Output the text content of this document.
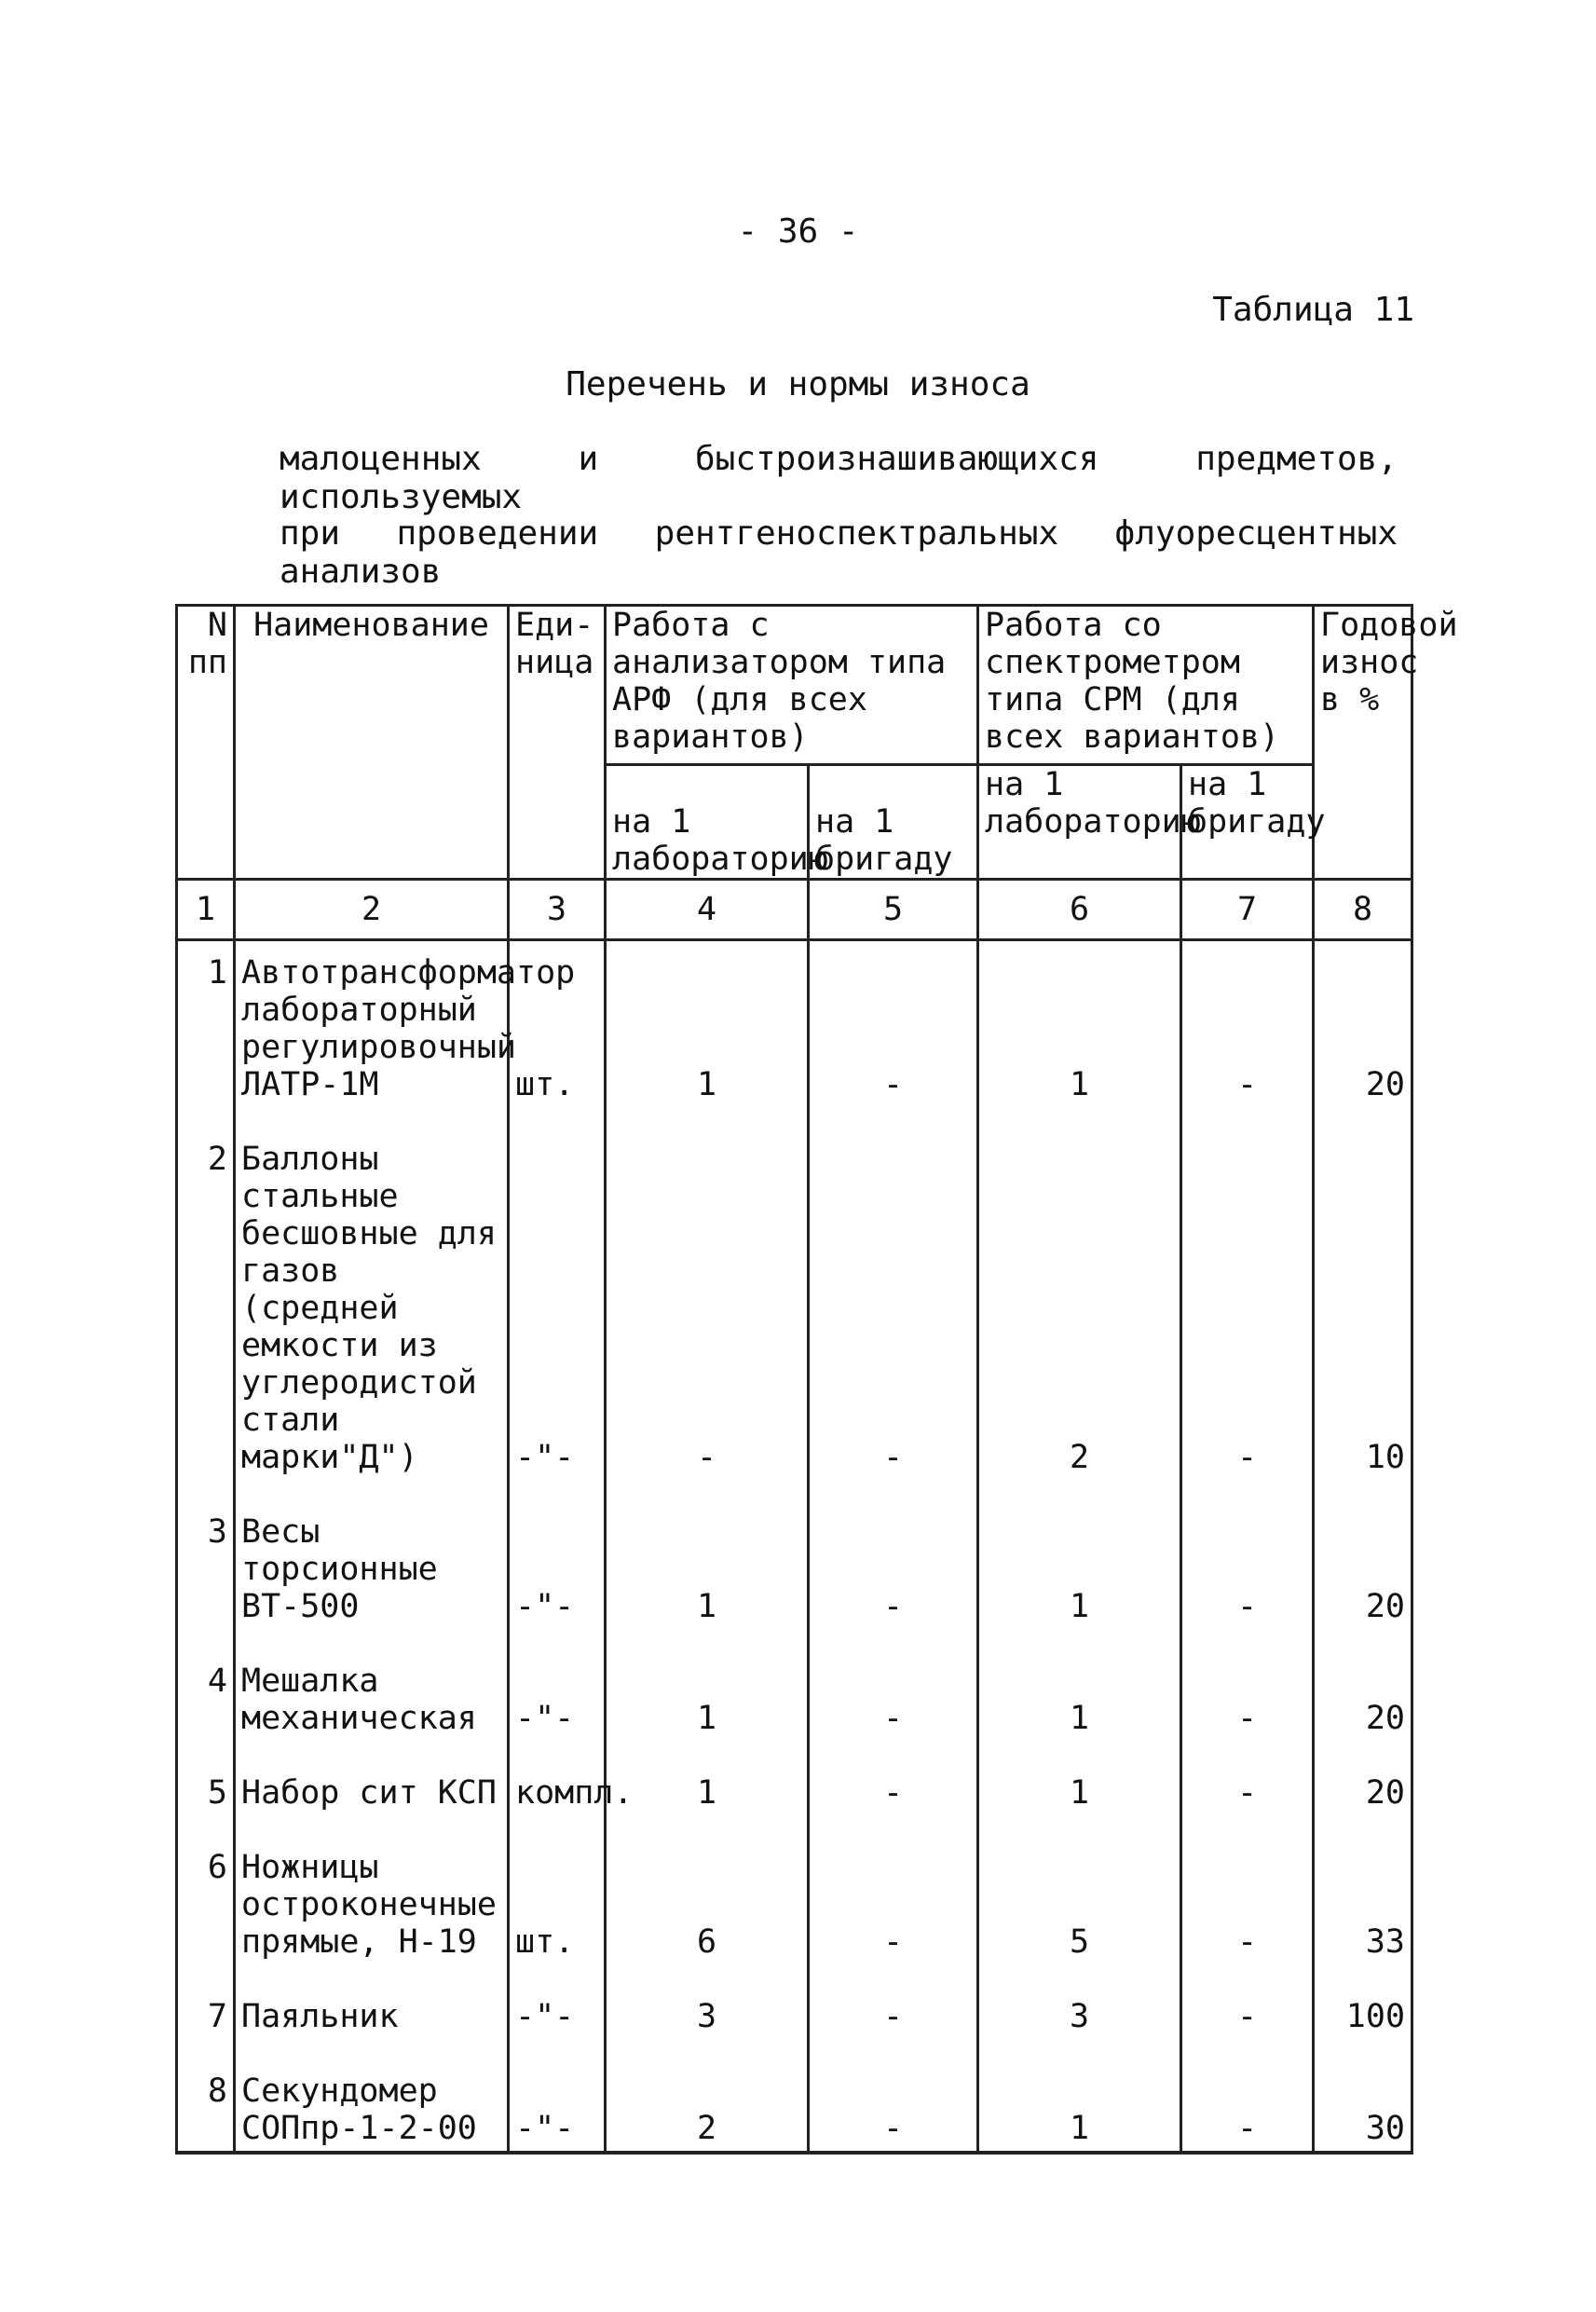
- 36 -
Таблица 11
Перечень и нормы износа
малоценных и быстроизнашивающихся предметов, используемых
при проведении рентгеноспектральных флуоресцентных анализов
N пп	Наименование	Еди- ница	Работа с анализатором типа АРФ (для всех вариантов)		Работа со спектрометром типа СРМ (для всех вариантов)		Годовой износ в %
			на 1 лабораторию	на 1 бригаду	на 1 лабораторию	на 1 бригаду	
1	2	3	4	5	6	7	8
1	Автотрансформатор лабораторный регулировочный ЛАТР-1М	шт.	1	-	1	-	20
2	Баллоны стальные бесшовные для газов (средней емкости из углеродистой стали марки"Д")	-"-	-	-	2	-	10
3	Весы торсионные ВТ-500	-"-	1	-	1	-	20
4	Мешалка механическая	-"-	1	-	1	-	20
5	Набор сит КСП	компл.	1	-	1	-	20
6	Ножницы остроконечные прямые, Н-19	шт.	6	-	5	-	33
7	Паяльник	-"-	3	-	3	-	100
8	Секундомер СОПпр-1-2-00	-"-	2	-	1	-	30
